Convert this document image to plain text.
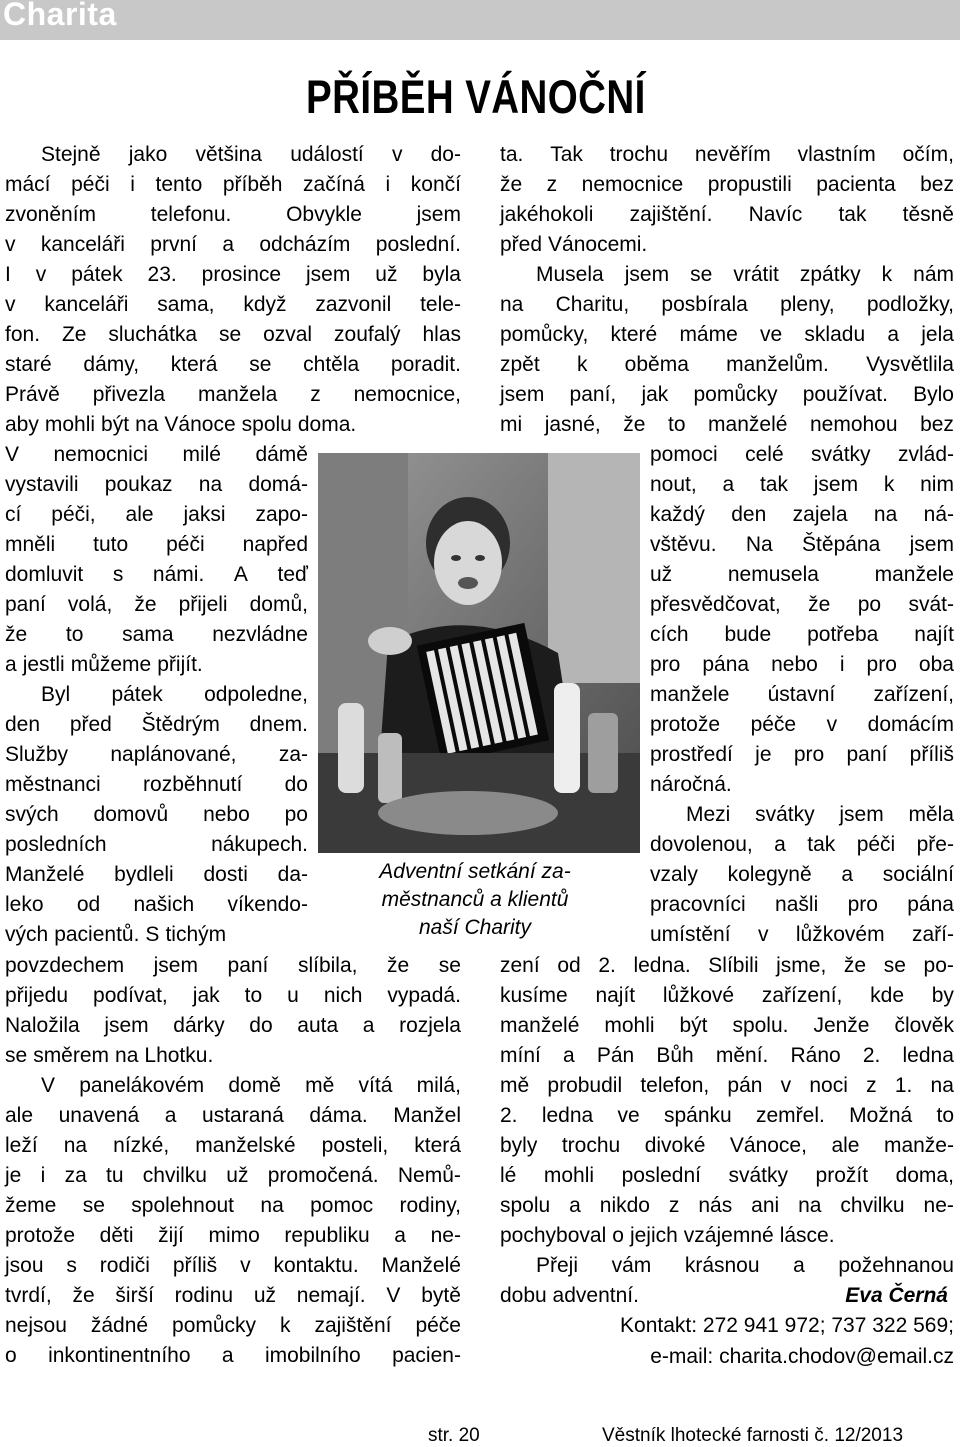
Charita
PŘÍBĚH VÁNOČNÍ
Stejně jako většina událostí v do-
mácí péči i tento příběh začíná i končí
zvoněním	telefonu.	Obvykle	jsem
v kanceláři první a odcházím poslední.
I v pátek 23. prosince jsem už byla
v kanceláři sama, když zazvonil tele-
fon. Ze sluchátka se ozval zoufalý hlas
staré dámy, která se chtěla poradit.
Právě přivezla manžela z nemocnice,
aby mohli být na Vánoce spolu doma.
V nemocnici milé dámě
vystavili poukaz na domá-
cí péči, ale jaksi zapo-
mněli tuto péči napřed
domluvit s námi. A teď
paní volá, že přijeli domů,
že to sama nezvládne
a jestli můžeme přijít.
Byl pátek odpoledne,
den před Štědrým dnem.
Služby naplánované, za-
městnanci rozběhnutí do
svých domovů nebo po
posledních	nákupech.
Manželé bydleli dosti da-
leko od našich víkendo-
vých pacientů. S tichým
povzdechem jsem paní slíbila, že se
přijedu podívat, jak to u nich vypadá.
Naložila jsem dárky do auta a rozjela
se směrem na Lhotku.
V panelákovém domě mě vítá milá,
ale unavená a ustaraná dáma. Manžel
leží na nízké, manželské posteli, která
je i za tu chvilku už promočená. Nemů-
žeme se spolehnout na pomoc rodiny,
protože děti žijí mimo republiku a ne-
jsou s rodiči příliš v kontaktu. Manželé
tvrdí, že širší rodinu už nemají. V bytě
nejsou žádné pomůcky k zajištění péče
o inkontinentního a imobilního pacien-
ta. Tak trochu nevěřím vlastním očím,
že z nemocnice propustili pacienta bez
jakéhokoli zajištění. Navíc tak těsně
před Vánocemi.
Musela jsem se vrátit zpátky k nám
na Charitu, posbírala pleny, podložky,
pomůcky, které máme ve skladu a jela
zpět k oběma manželům. Vysvětlila
jsem paní, jak pomůcky používat. Bylo
mi jasné, že to manželé nemohou bez
pomoci celé svátky zvlád-
nout, a tak jsem k nim
každý den zajela na ná-
vštěvu. Na Štěpána jsem
už	nemusela	manžele
přesvědčovat, že po svát-
cích bude potřeba najít
pro pána nebo i pro oba
manžele ústavní zařízení,
protože péče v domácím
prostředí je pro paní příliš
náročná.
Mezi svátky jsem měla
dovolenou, a tak péči pře-
vzaly kolegyně a sociální
pracovníci našli pro pána
umístění v lůžkovém zaří-
zení od 2. ledna. Slíbili jsme, že se po-
kusíme najít lůžkové zařízení, kde by
manželé mohli být spolu. Jenže člověk
míní a Pán Bůh mění. Ráno 2. ledna
mě probudil telefon, pán v noci z 1. na
2. ledna ve spánku zemřel. Možná to
byly trochu divoké Vánoce, ale manže-
lé mohli poslední svátky prožít doma,
spolu a nikdo z nás ani na chvilku ne-
pochyboval o jejich vzájemné lásce.
Přeji vám krásnou a požehnanou
Adventní setkání za-
městnanců a klientů
naší Charity
dobu adventní.	Eva Černá
Kontakt: 272 941 972; 737 322 569;
e-mail: charita.chodov@email.cz
str. 20	Věstník lhotecké farnosti č. 12/2013
